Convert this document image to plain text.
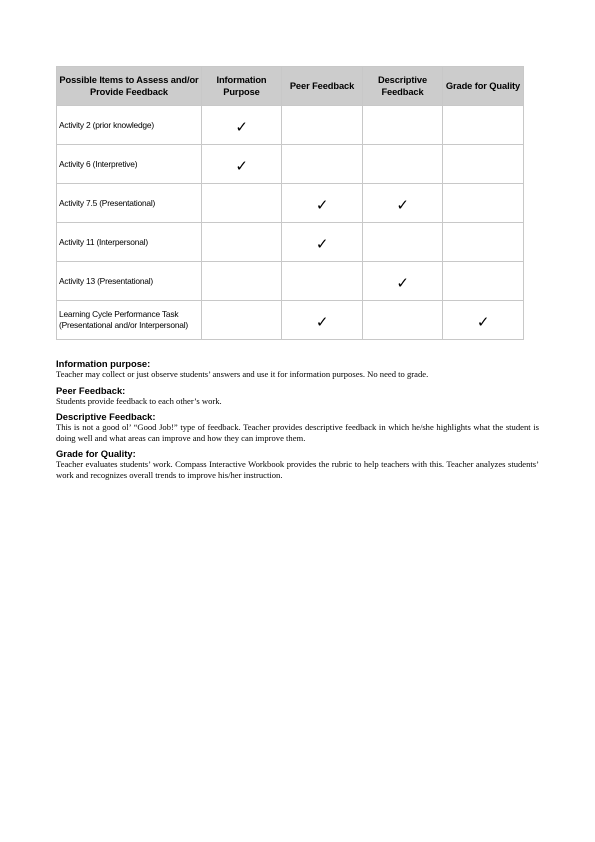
Possible Items to Assess and/or Provide Feedback	Information Purpose	Peer Feedback	Descriptive Feedback	Grade for Quality
Activity 2 (prior knowledge)	✓			
Activity 6 (Interpretive)	✓			
Activity 7.5 (Presentational)		✓	✓	
Activity 11 (Interpersonal)		✓		
Activity 13 (Presentational)			✓	
Learning Cycle Performance Task (Presentational and/or Interpersonal)		✓		✓
Information purpose:
Teacher may collect or just observe students’ answers and use it for information purposes. No need to grade.
Peer Feedback:
Students provide feedback to each other’s work.
Descriptive Feedback:
This is not a good ol’ “Good Job!” type of feedback. Teacher provides descriptive feedback in which he/she highlights what the student is doing well and what areas can improve and how they can improve them.
Grade for Quality:
Teacher evaluates students’ work. Compass Interactive Workbook provides the rubric to help teachers with this. Teacher analyzes students’ work and recognizes overall trends to improve his/her instruction.
